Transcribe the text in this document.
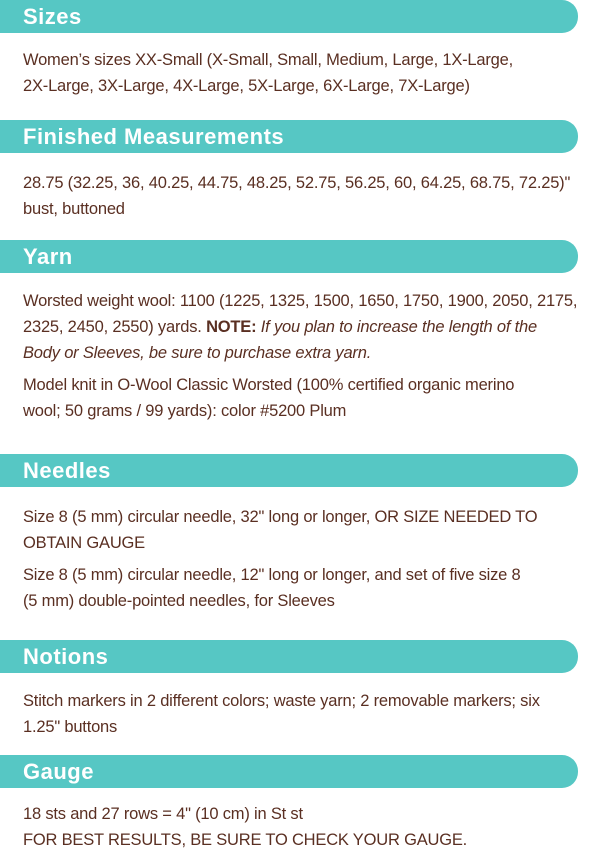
Sizes

Women’s sizes XX-Small (X-Small, Small, Medium, Large, 1X-Large,
2X-Large, 3X-Large, 4X-Large, 5X-Large, 6X-Large, 7X-Large)

Finished Measurements

28.75 (32.25, 36, 40.25, 44.75, 48.25, 52.75, 56.25, 60, 64.25, 68.75, 72.25)"
bust, buttoned

Yarn

Worsted weight wool: 1100 (1225, 1325, 1500, 1650, 1750, 1900, 2050, 2175,
2325, 2450, 2550) yards. NOTE: If you plan to increase the length of the
Body or Sleeves, be sure to purchase extra yarn.

Model knit in O-Wool Classic Worsted (100% certified organic merino
wool; 50 grams / 99 yards): color #5200 Plum

Needles

Size 8 (5 mm) circular needle, 32" long or longer, OR SIZE NEEDED TO
OBTAIN GAUGE

Size 8 (5 mm) circular needle, 12" long or longer, and set of five size 8
(5 mm) double-pointed needles, for Sleeves

Notions

Stitch markers in 2 different colors; waste yarn; 2 removable markers; six
1.25" buttons

Gauge

18 sts and 27 rows = 4" (10 cm) in St st
FOR BEST RESULTS, BE SURE TO CHECK YOUR GAUGE.
